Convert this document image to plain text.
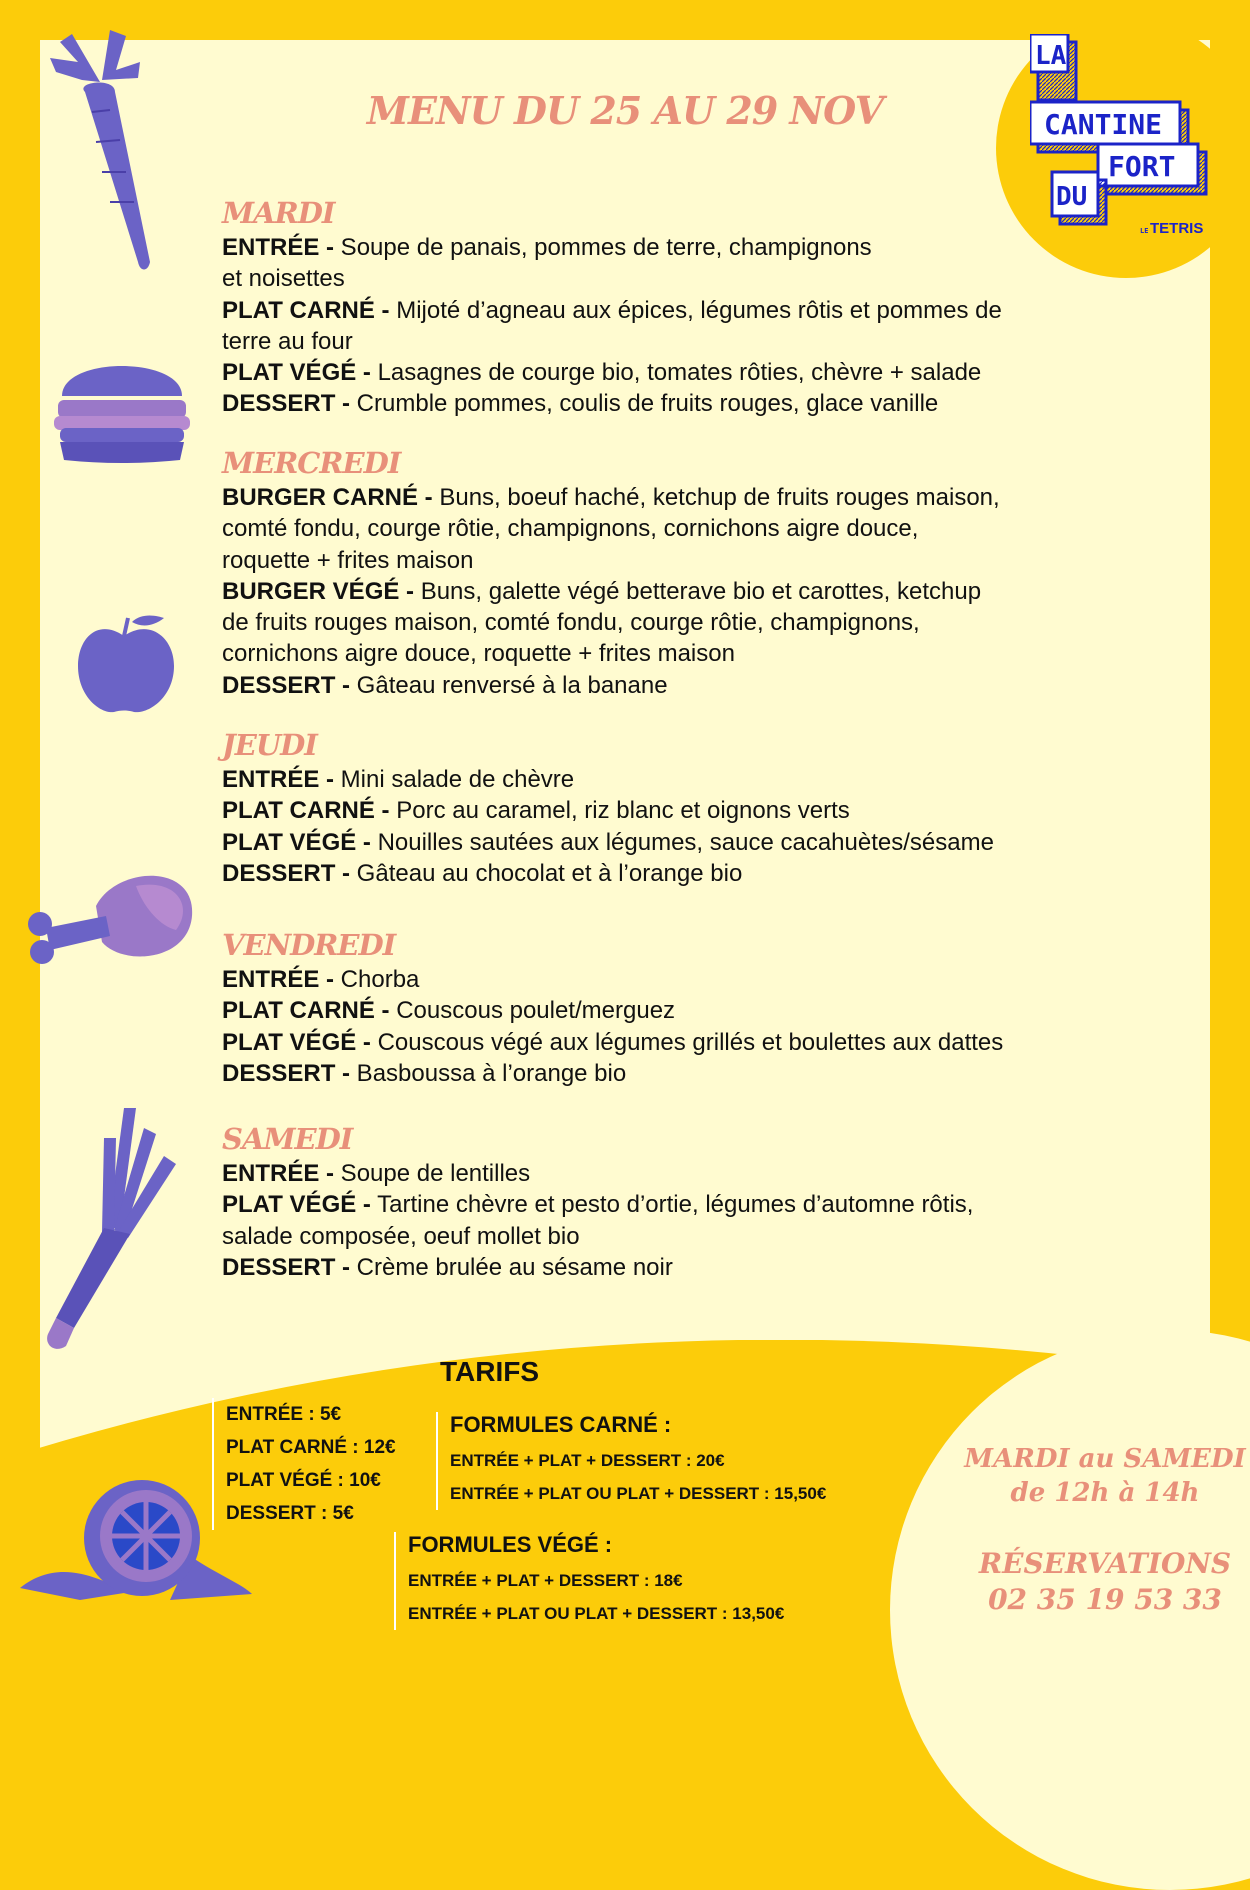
LA
CANTINE
FORT
DU
LE TETRIS
MENU DU 25 AU 29 NOV
MARDI
ENTRÉE - Soupe de panais, pommes de terre, champignons
et noisettes
PLAT CARNÉ - Mijoté d’agneau aux épices, légumes rôtis et pommes de
terre au four
PLAT VÉGÉ - Lasagnes de courge bio, tomates rôties, chèvre + salade
DESSERT - Crumble pommes, coulis de fruits rouges, glace vanille
MERCREDI
BURGER CARNÉ - Buns, boeuf haché, ketchup de fruits rouges maison,
comté fondu, courge rôtie, champignons, cornichons aigre douce,
roquette + frites maison
BURGER VÉGÉ - Buns, galette végé betterave bio et carottes, ketchup
de fruits rouges maison, comté fondu, courge rôtie, champignons,
cornichons aigre douce, roquette + frites maison
DESSERT - Gâteau renversé à la banane
JEUDI
ENTRÉE - Mini salade de chèvre
PLAT CARNÉ - Porc au caramel, riz blanc et oignons verts
PLAT VÉGÉ - Nouilles sautées aux légumes, sauce cacahuètes/sésame
DESSERT - Gâteau au chocolat et à l’orange bio
VENDREDI
ENTRÉE - Chorba
PLAT CARNÉ - Couscous poulet/merguez
PLAT VÉGÉ - Couscous végé aux légumes grillés et boulettes aux dattes
DESSERT - Basboussa à l’orange bio
SAMEDI
ENTRÉE - Soupe de lentilles
PLAT VÉGÉ - Tartine chèvre et pesto d’ortie, légumes d’automne rôtis,
salade composée, oeuf mollet bio
DESSERT - Crème brulée au sésame noir
TARIFS
ENTRÉE : 5€
PLAT CARNÉ : 12€
PLAT VÉGÉ : 10€
DESSERT : 5€
FORMULES CARNÉ :
ENTRÉE + PLAT + DESSERT : 20€
ENTRÉE + PLAT OU PLAT + DESSERT : 15,50€
FORMULES VÉGÉ :
ENTRÉE + PLAT + DESSERT : 18€
ENTRÉE + PLAT OU PLAT + DESSERT : 13,50€
MARDI au SAMEDI
de 12h à 14h
RÉSERVATIONS
02 35 19 53 33
